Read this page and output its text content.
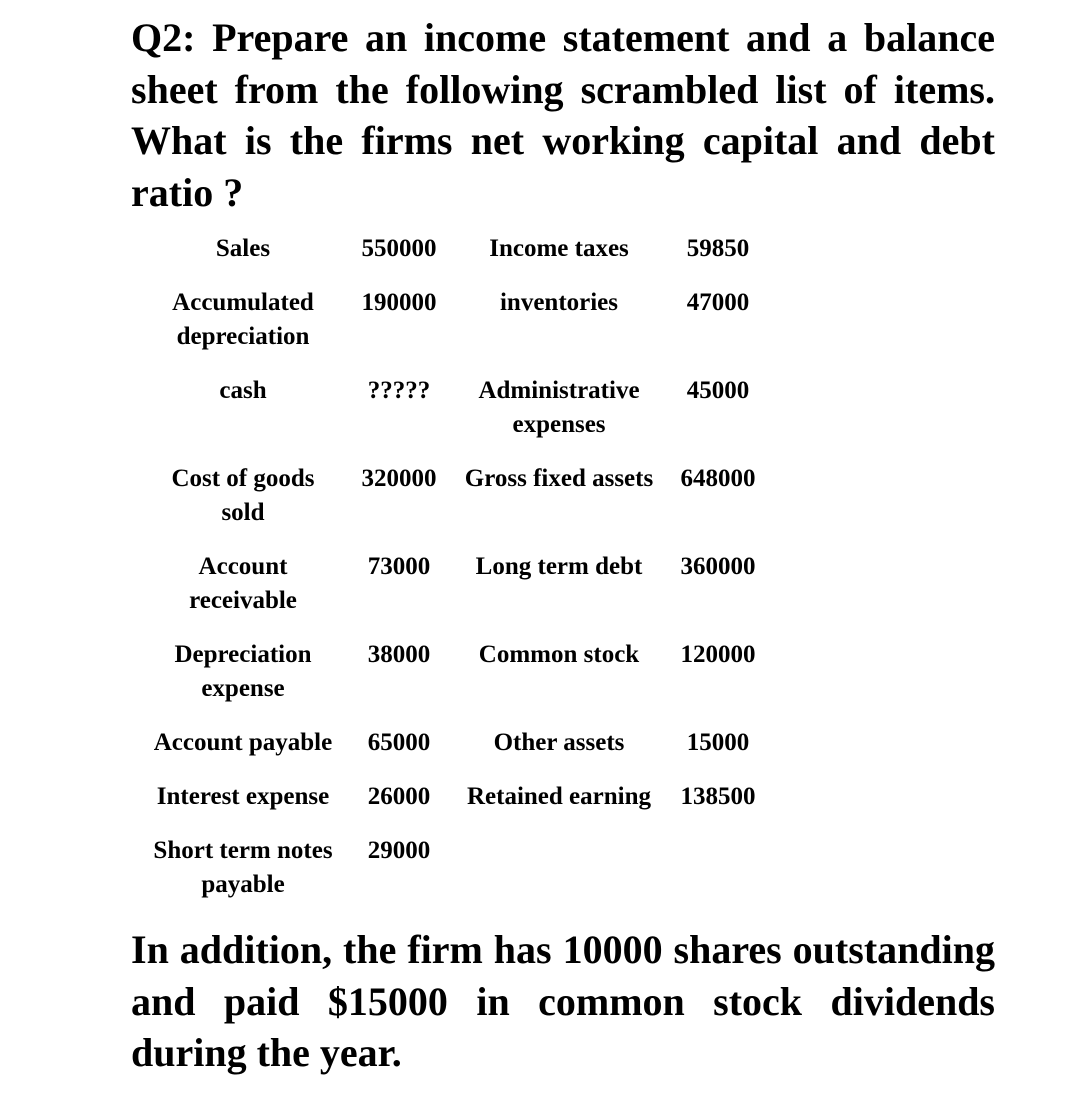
Q2: Prepare an income statement and a balance sheet from the following scrambled list of items. What is the firms net working capital and debt ratio ?

Sales	550000	Income taxes	59850
Accumulated depreciation	190000	inventories	47000
cash	?????	Administrative expenses	45000
Cost of goods sold	320000	Gross fixed assets	648000
Account receivable	73000	Long term debt	360000
Depreciation expense	38000	Common stock	120000
Account payable	65000	Other assets	15000
Interest expense	26000	Retained earning	138500
Short term notes payable	29000		

In addition, the firm has 10000 shares outstanding and paid $15000 in common stock dividends during the year.
